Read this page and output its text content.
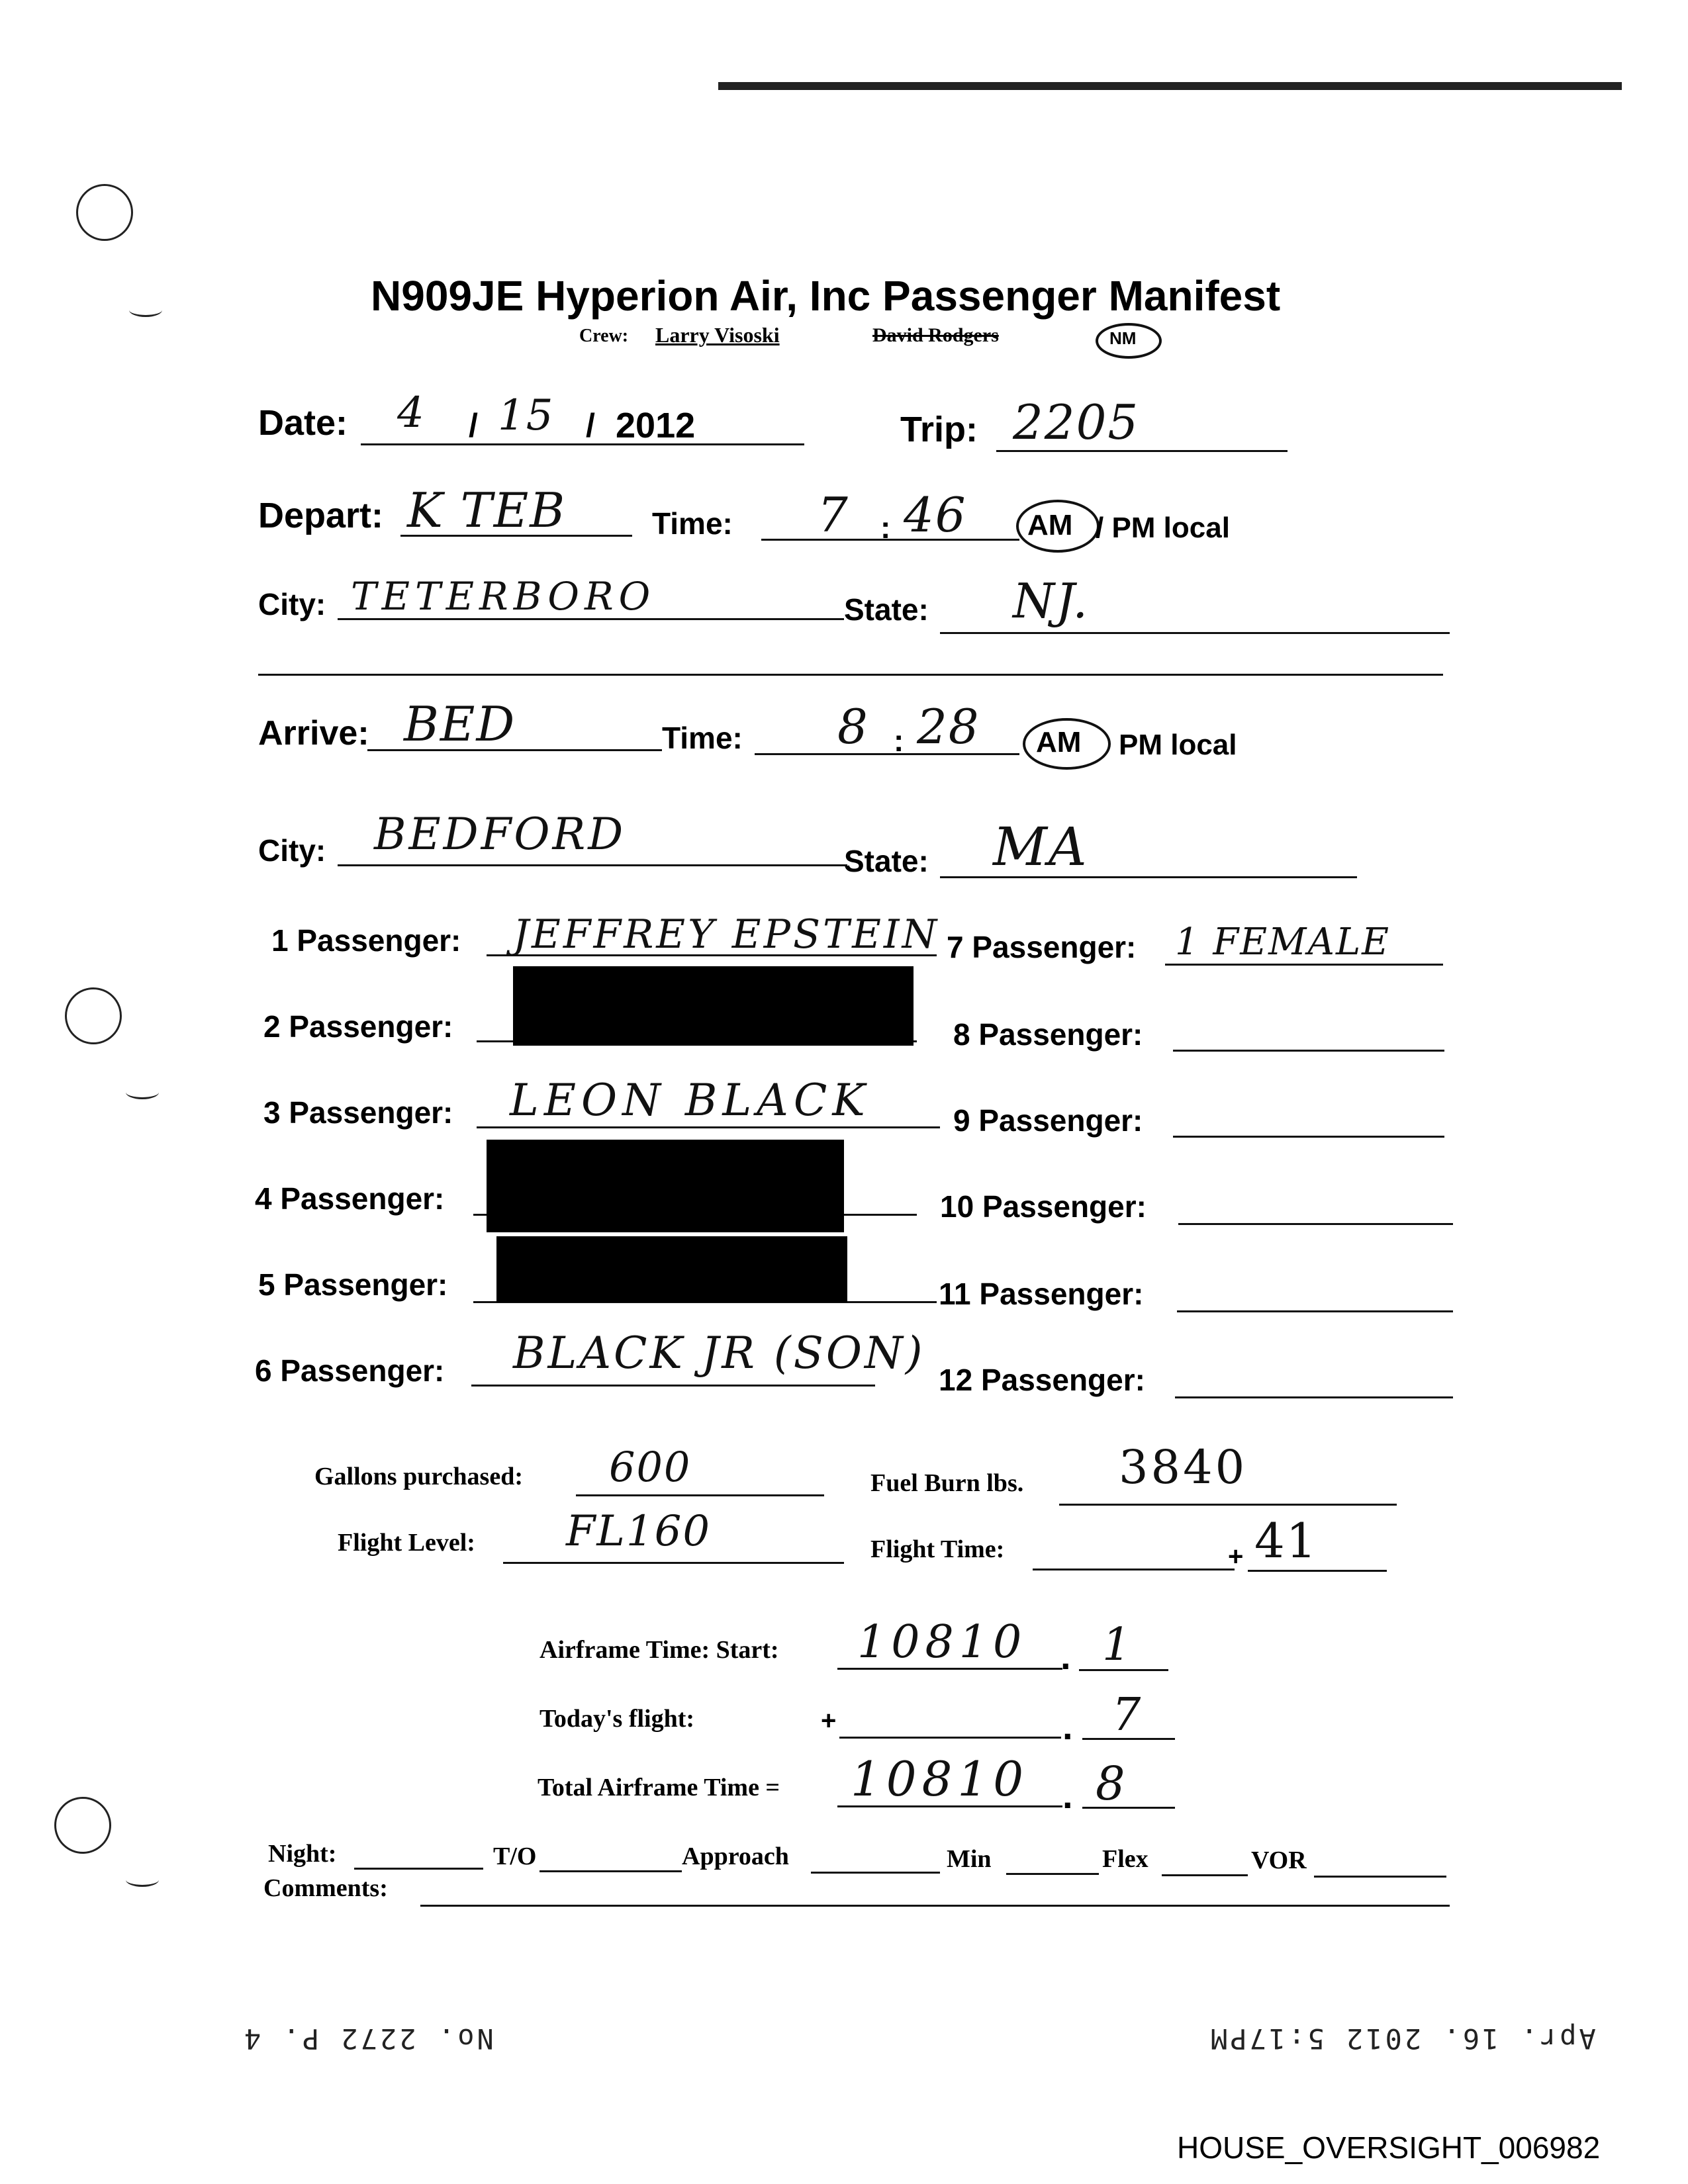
N909JE Hyperion Air, Inc Passenger Manifest
Crew: Larry Visoski	David Rodgers	NM
Date: 4 / 15 / 2012	Trip: 2205
Depart: K TEB	Time: 7 : 46 AM / PM local
City: TETERBORO	State: NJ.
Arrive: BED	Time: 8 : 28 AM PM local
City: BEDFORD
State: MA
1 Passenger: JEFFREY EPSTEIN
2 Passenger:
3 Passenger: LEON BLACK
4 Passenger:
5 Passenger:
6 Passenger: BLACK JR (SON)
7 Passenger: 1 FEMALE
8 Passenger:
9 Passenger:
10 Passenger:
11 Passenger:
12 Passenger:
Gallons purchased: 600	Fuel Burn lbs. 3840
Flight Level: FL160	Flight Time:	+ 41
Airframe Time: Start: 10810 . 1
Today's flight:	+	. 7
Total Airframe Time = 10810 . 8
Night:	T/O	Approach	Min	Flex	VOR
Comments:
No. 2272 P. 4	Apr. 16. 2012 5:17PM
HOUSE_OVERSIGHT_006982
